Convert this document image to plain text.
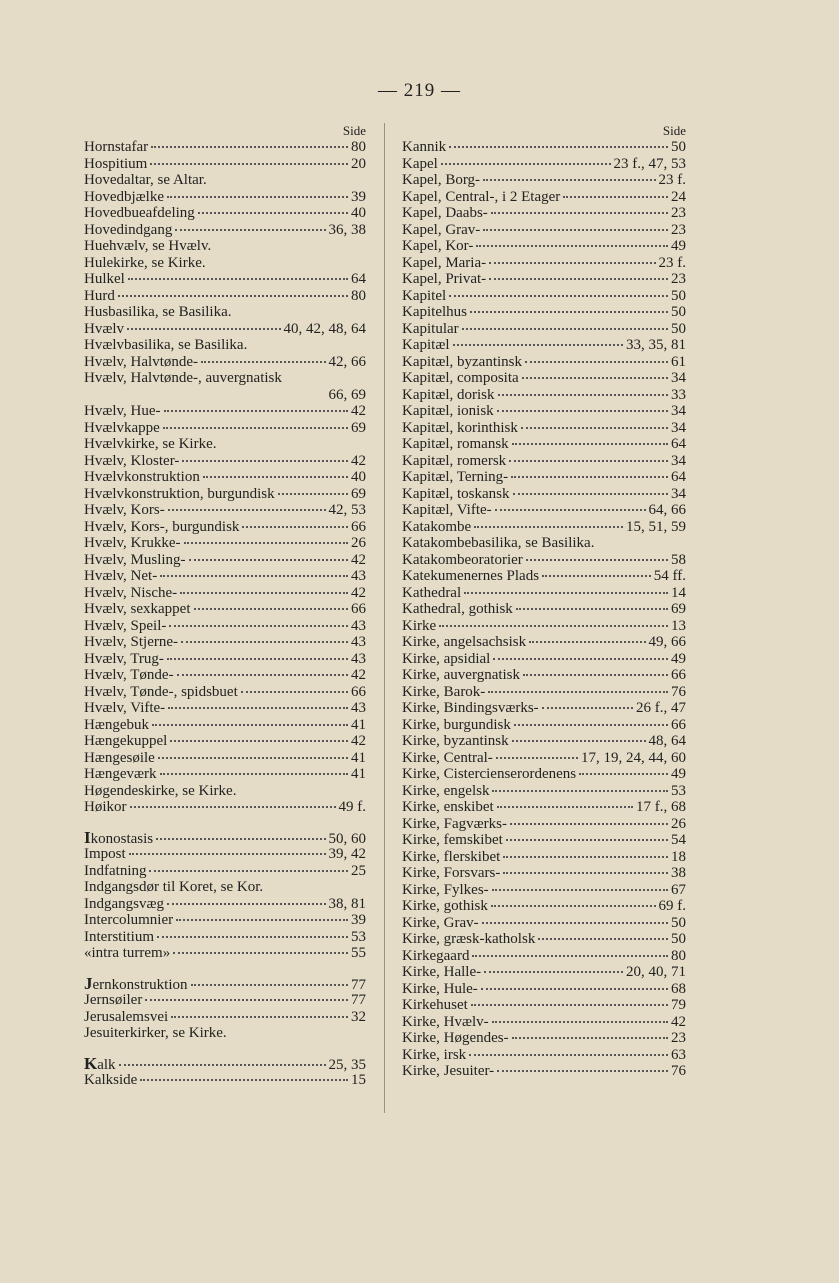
— 219 —
Side
Hornstafar	80
Hospitium	20
Hovedaltar, se Altar.
Hovedbjælke	39
Hovedbueafdeling	40
Hovedindgang	36, 38
Huehvælv, se Hvælv.
Hulekirke, se Kirke.
Hulkel	64
Hurd	80
Husbasilika, se Basilika.
Hvælv	40, 42, 48, 64
Hvælvbasilika, se Basilika.
Hvælv, Halvtønde-	42, 66
Hvælv, Halvtønde-, auvergnatisk
66, 69
Hvælv, Hue-	42
Hvælvkappe	69
Hvælvkirke, se Kirke.
Hvælv, Kloster-	42
Hvælvkonstruktion	40
Hvælvkonstruktion, burgundisk	69
Hvælv, Kors-	42, 53
Hvælv, Kors-, burgundisk	66
Hvælv, Krukke-	26
Hvælv, Musling-	42
Hvælv, Net-	43
Hvælv, Nische-	42
Hvælv, sexkappet	66
Hvælv, Speil-	43
Hvælv, Stjerne-	43
Hvælv, Trug-	43
Hvælv, Tønde-	42
Hvælv, Tønde-, spidsbuet	66
Hvælv, Vifte-	43
Hængebuk	41
Hængekuppel	42
Hængesøile	41
Hængeværk	41
Høgendeskirke, se Kirke.
Høikor	49 f.
Ikonostasis	50, 60
Impost	39, 42
Indfatning	25
Indgangsdør til Koret, se Kor.
Indgangsvæg	38, 81
Intercolumnier	39
Interstitium	53
«intra turrem»	55
Jernkonstruktion	77
Jernsøiler	77
Jerusalemsvei	32
Jesuiterkirker, se Kirke.
Kalk	25, 35
Kalkside	15
Side
Kannik	50
Kapel	23 f., 47, 53
Kapel, Borg-	23 f.
Kapel, Central-, i 2 Etager	24
Kapel, Daabs-	23
Kapel, Grav-	23
Kapel, Kor-	49
Kapel, Maria-	23 f.
Kapel, Privat-	23
Kapitel	50
Kapitelhus	50
Kapitular	50
Kapitæl	33, 35, 81
Kapitæl, byzantinsk	61
Kapitæl, composita	34
Kapitæl, dorisk	33
Kapitæl, ionisk	34
Kapitæl, korinthisk	34
Kapitæl, romansk	64
Kapitæl, romersk	34
Kapitæl, Terning-	64
Kapitæl, toskansk	34
Kapitæl, Vifte-	64, 66
Katakombe	15, 51, 59
Katakombebasilika, se Basilika.
Katakombeoratorier	58
Katekumenernes Plads	54 ff.
Kathedral	14
Kathedral, gothisk	69
Kirke	13
Kirke, angelsachsisk	49, 66
Kirke, apsidial	49
Kirke, auvergnatisk	66
Kirke, Barok-	76
Kirke, Bindingsværks-	26 f., 47
Kirke, burgundisk	66
Kirke, byzantinsk	48, 64
Kirke, Central-	17, 19, 24, 44, 60
Kirke, Cistercienserordenens	49
Kirke, engelsk	53
Kirke, enskibet	17 f., 68
Kirke, Fagværks-	26
Kirke, femskibet	54
Kirke, flerskibet	18
Kirke, Forsvars-	38
Kirke, Fylkes-	67
Kirke, gothisk	69 f.
Kirke, Grav-	50
Kirke, græsk-katholsk	50
Kirkegaard	80
Kirke, Halle-	20, 40, 71
Kirke, Hule-	68
Kirkehuset	79
Kirke, Hvælv-	42
Kirke, Høgendes-	23
Kirke, irsk	63
Kirke, Jesuiter-	76
